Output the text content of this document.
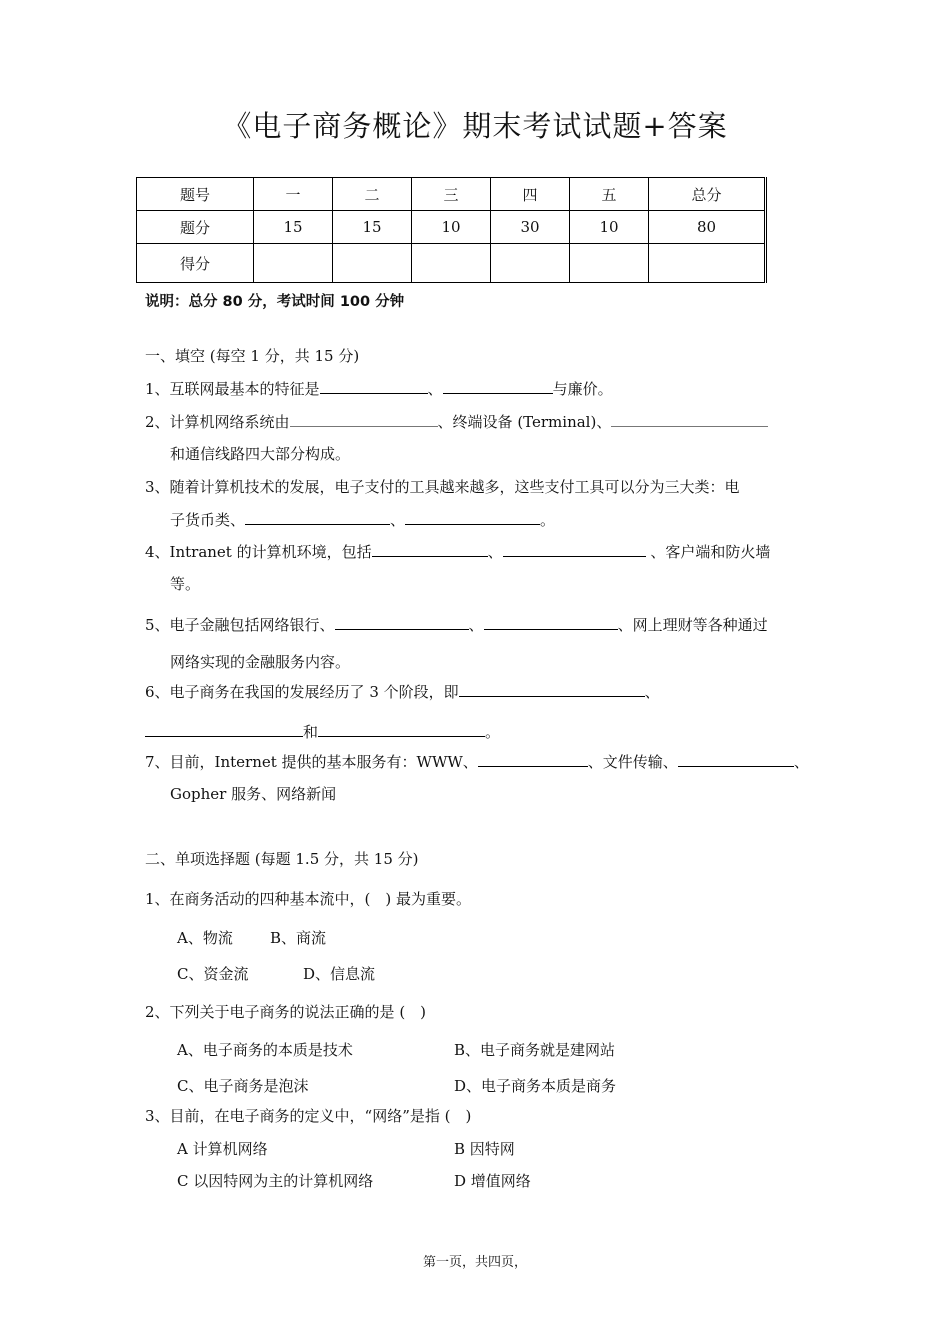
《电子商务概论》期末考试试题+答案
题号	一	二	三	四	五	总分
题分	15	15	10	30	10	80
得分						
说明：总分 80 分，考试时间 100 分钟
一、填空 (每空 1 分，共 15 分)
1、互联网最基本的特征是	、	与廉价。
2、计算机网络系统由	、终端设备 (Terminal)、
和通信线路四大部分构成。
3、随着计算机技术的发展，电子支付的工具越来越多，这些支付工具可以分为三大类：电
子货币类、	、	。
4、Intranet 的计算机环境，包括	、	、客户端和防火墙
等。
5、电子金融包括网络银行、	、	、网上理财等各种通过
网络实现的金融服务内容。
6、电子商务在我国的发展经历了 3 个阶段，即	、
和	。
7、目前，Internet 提供的基本服务有：WWW、	、文件传输、	、
Gopher 服务、网络新闻
二、单项选择题 (每题 1.5 分，共 15 分)
1、在商务活动的四种基本流中，(　) 最为重要。
A、物流 B、商流
C、资金流	D、信息流
2、下列关于电子商务的说法正确的是 (　)
A、电子商务的本质是技术	B、电子商务就是建网站
C、电子商务是泡沫	D、电子商务本质是商务
3、目前，在电子商务的定义中，“网络”是指 (　)
A 计算机网络	B 因特网
C 以因特网为主的计算机网络	D 增值网络
第一页，共四页，
